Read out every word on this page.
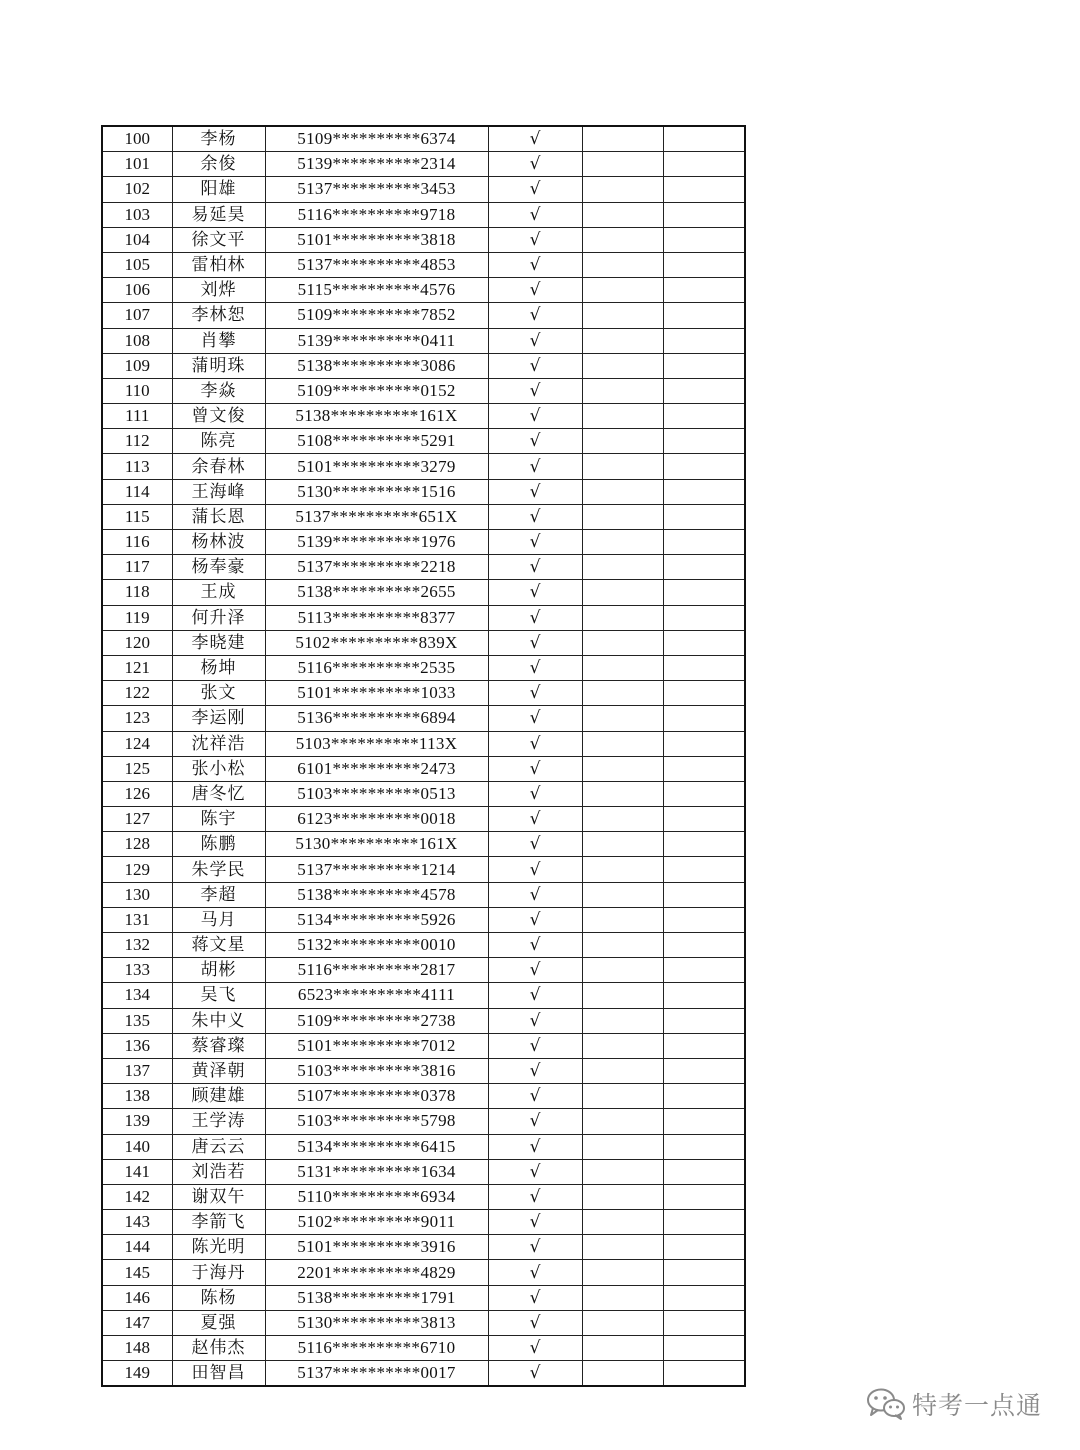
100	李杨	5109**********6374	√		
101	余俊	5139**********2314	√		
102	阳雄	5137**********3453	√		
103	易延昊	5116**********9718	√		
104	徐文平	5101**********3818	√		
105	雷柏林	5137**********4853	√		
106	刘烨	5115**********4576	√		
107	李林恕	5109**********7852	√		
108	肖攀	5139**********0411	√		
109	蒲明珠	5138**********3086	√		
110	李焱	5109**********0152	√		
111	曾文俊	5138**********161X	√		
112	陈亮	5108**********5291	√		
113	余春林	5101**********3279	√		
114	王海峰	5130**********1516	√		
115	蒲长恩	5137**********651X	√		
116	杨林波	5139**********1976	√		
117	杨奉豪	5137**********2218	√		
118	王成	5138**********2655	√		
119	何升泽	5113**********8377	√		
120	李晓建	5102**********839X	√		
121	杨坤	5116**********2535	√		
122	张文	5101**********1033	√		
123	李运刚	5136**********6894	√		
124	沈祥浩	5103**********113X	√		
125	张小松	6101**********2473	√		
126	唐冬忆	5103**********0513	√		
127	陈宇	6123**********0018	√		
128	陈鹏	5130**********161X	√		
129	朱学民	5137**********1214	√		
130	李超	5138**********4578	√		
131	马月	5134**********5926	√		
132	蒋文星	5132**********0010	√		
133	胡彬	5116**********2817	√		
134	吴飞	6523**********4111	√		
135	朱中义	5109**********2738	√		
136	蔡睿璨	5101**********7012	√		
137	黄泽朝	5103**********3816	√		
138	顾建雄	5107**********0378	√		
139	王学涛	5103**********5798	√		
140	唐云云	5134**********6415	√		
141	刘浩若	5131**********1634	√		
142	谢双午	5110**********6934	√		
143	李箭飞	5102**********9011	√		
144	陈光明	5101**********3916	√		
145	于海丹	2201**********4829	√		
146	陈杨	5138**********1791	√		
147	夏强	5130**********3813	√		
148	赵伟杰	5116**********6710	√		
149	田智昌	5137**********0017	√		
特考一点通
